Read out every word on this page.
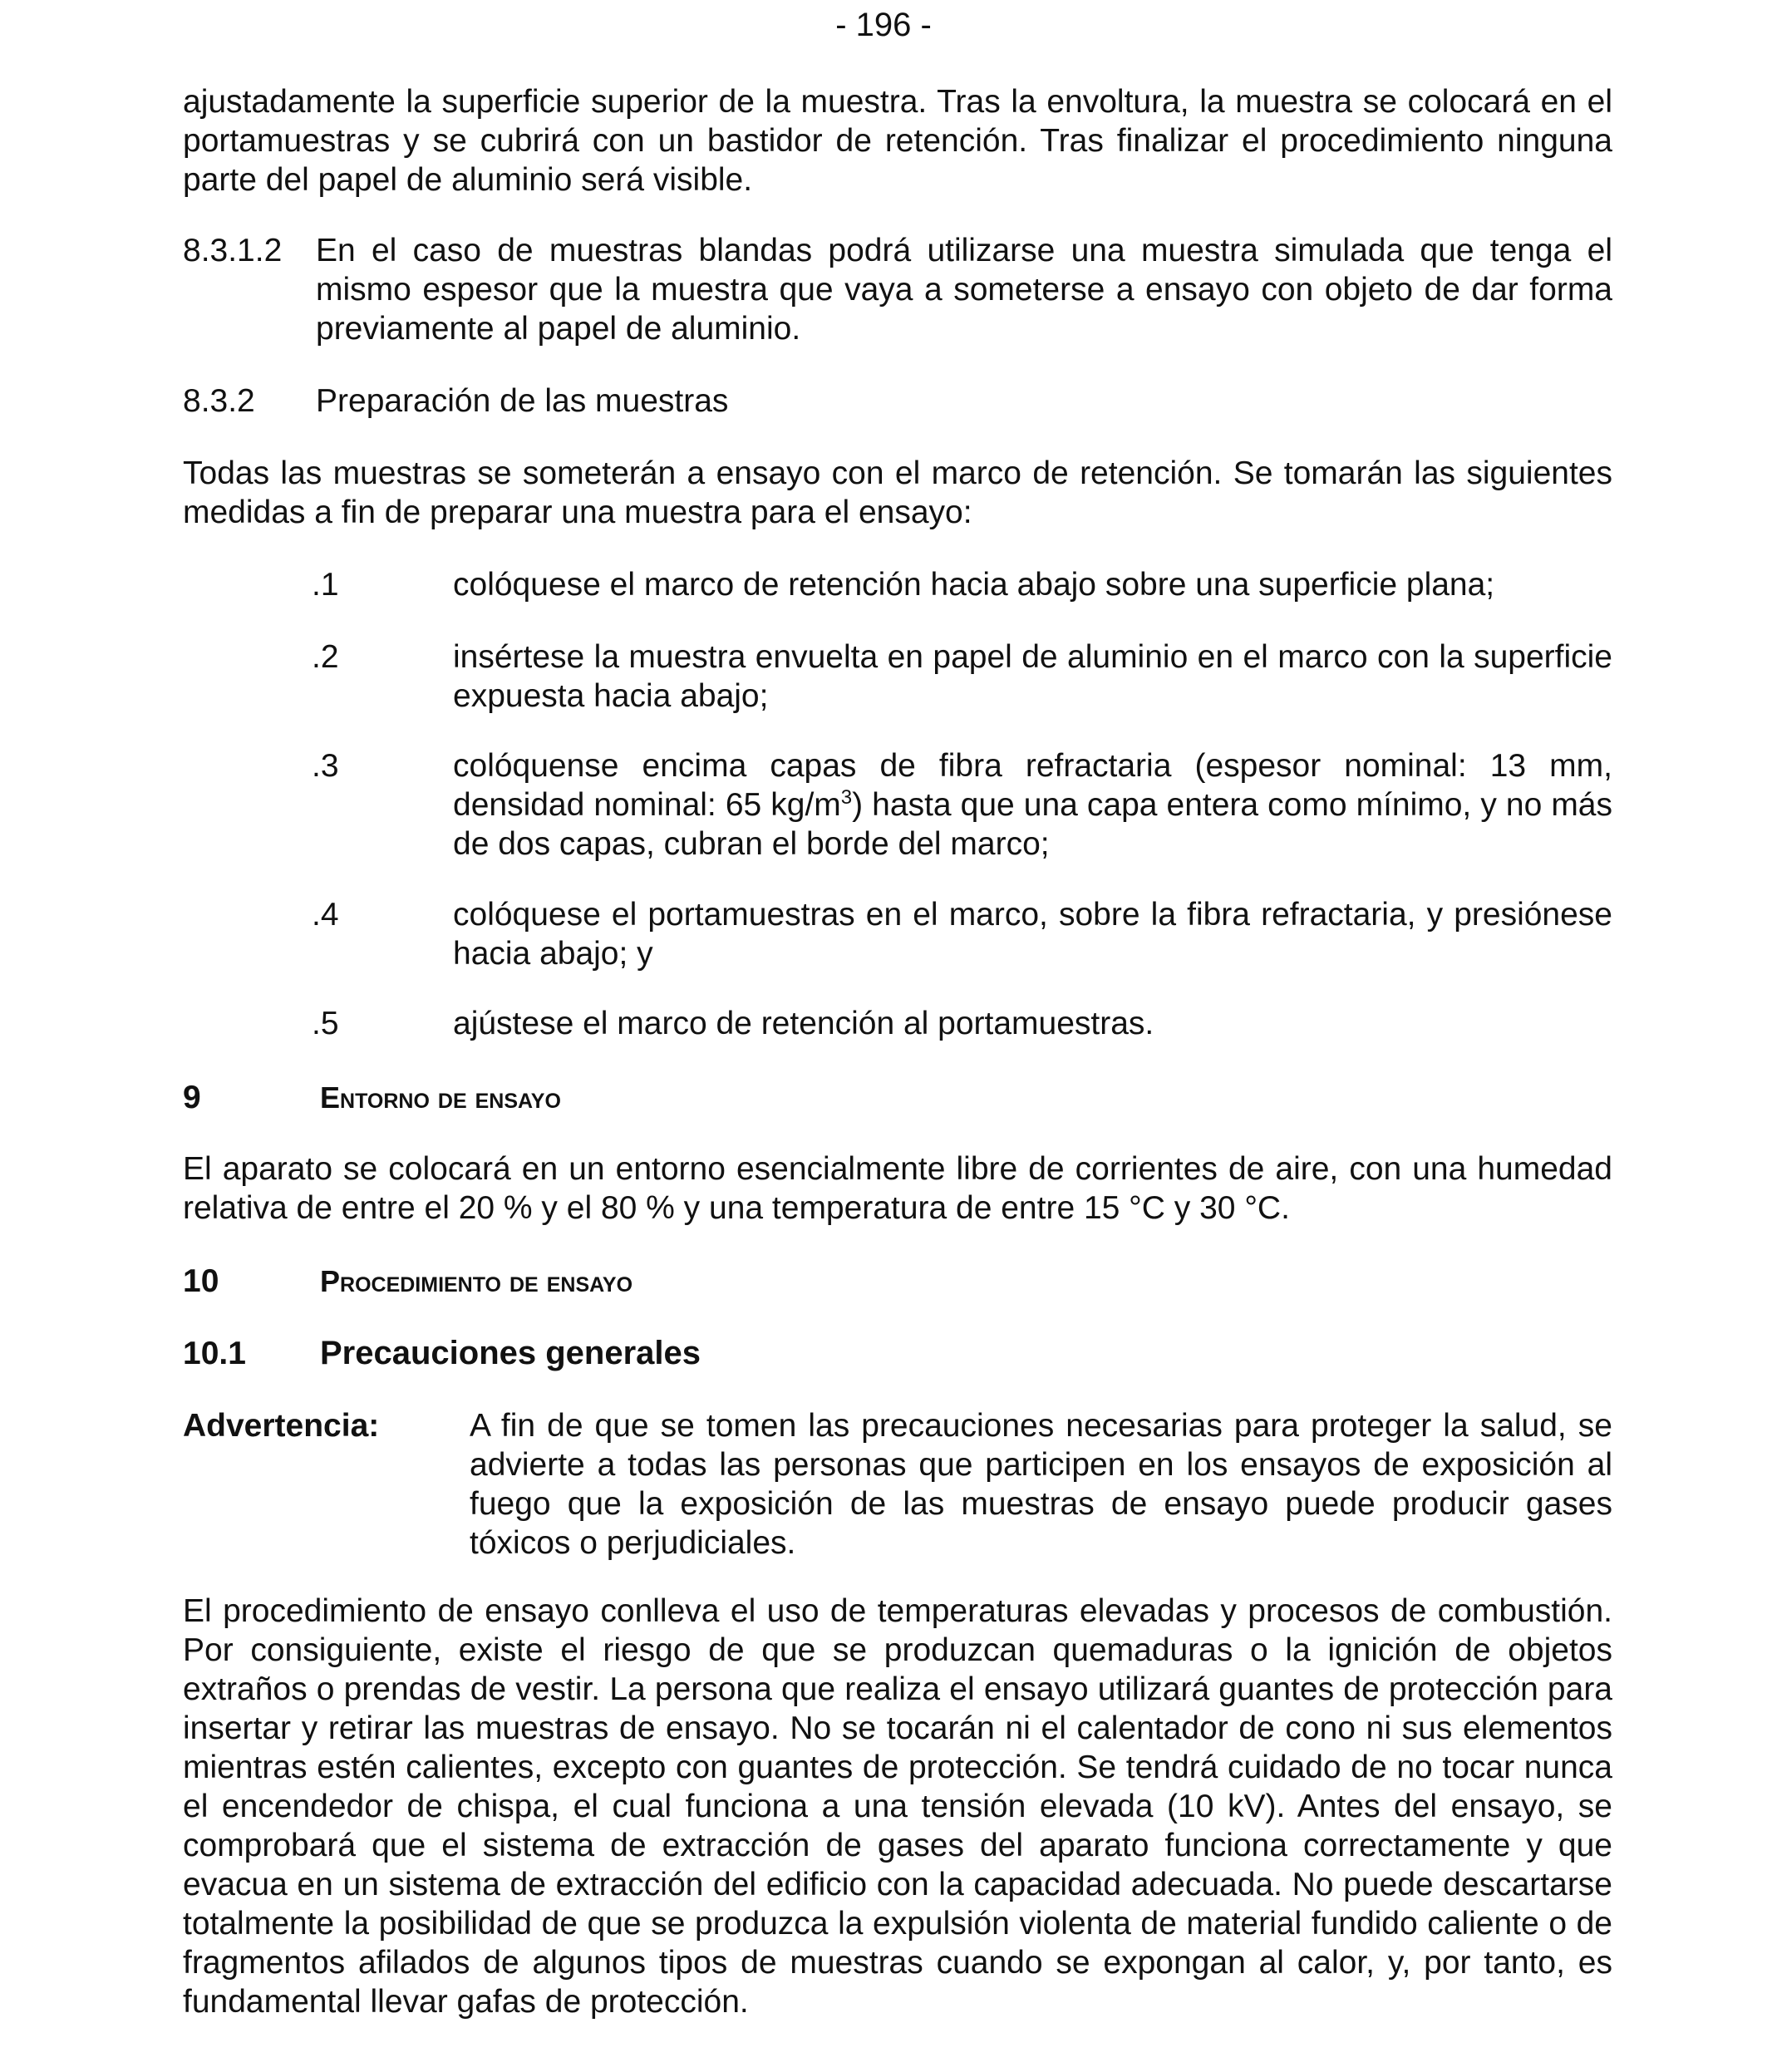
- 196 -
ajustadamente la superficie superior de la muestra. Tras la envoltura, la muestra se colocará en el portamuestras y se cubrirá con un bastidor de retención. Tras finalizar el procedimiento ninguna parte del papel de aluminio será visible.
8.3.1.2 En el caso de muestras blandas podrá utilizarse una muestra simulada que tenga el mismo espesor que la muestra que vaya a someterse a ensayo con objeto de dar forma previamente al papel de aluminio.
8.3.2 Preparación de las muestras
Todas las muestras se someterán a ensayo con el marco de retención. Se tomarán las siguientes medidas a fin de preparar una muestra para el ensayo:
.1	colóquese el marco de retención hacia abajo sobre una superficie plana;
.2	insértese la muestra envuelta en papel de aluminio en el marco con la superficie expuesta hacia abajo;
.3	colóquense encima capas de fibra refractaria (espesor nominal: 13 mm, densidad nominal: 65 $kg/m^3$) hasta que una capa entera como mínimo, y no más de dos capas, cubran el borde del marco;
.4	colóquese el portamuestras en el marco, sobre la fibra refractaria, y presiónese hacia abajo; y
.5	ajústese el marco de retención al portamuestras.
9	Entorno de ensayo
El aparato se colocará en un entorno esencialmente libre de corrientes de aire, con una humedad relativa de entre el 20 % y el 80 % y una temperatura de entre 15 °C y 30 °C.
10	Procedimiento de ensayo
10.1 Precauciones generales
Advertencia:	A fin de que se tomen las precauciones necesarias para proteger la salud, se advierte a todas las personas que participen en los ensayos de exposición al fuego que la exposición de las muestras de ensayo puede producir gases tóxicos o perjudiciales.
El procedimiento de ensayo conlleva el uso de temperaturas elevadas y procesos de combustión. Por consiguiente, existe el riesgo de que se produzcan quemaduras o la ignición de objetos extraños o prendas de vestir. La persona que realiza el ensayo utilizará guantes de protección para insertar y retirar las muestras de ensayo. No se tocarán ni el calentador de cono ni sus elementos mientras estén calientes, excepto con guantes de protección. Se tendrá cuidado de no tocar nunca el encendedor de chispa, el cual funciona a una tensión elevada (10 kV). Antes del ensayo, se comprobará que el sistema de extracción de gases del aparato funciona correctamente y que evacua en un sistema de extracción del edificio con la capacidad adecuada. No puede descartarse totalmente la posibilidad de que se produzca la expulsión violenta de material fundido caliente o de fragmentos afilados de algunos tipos de muestras cuando se expongan al calor, y, por tanto, es fundamental llevar gafas de protección.
